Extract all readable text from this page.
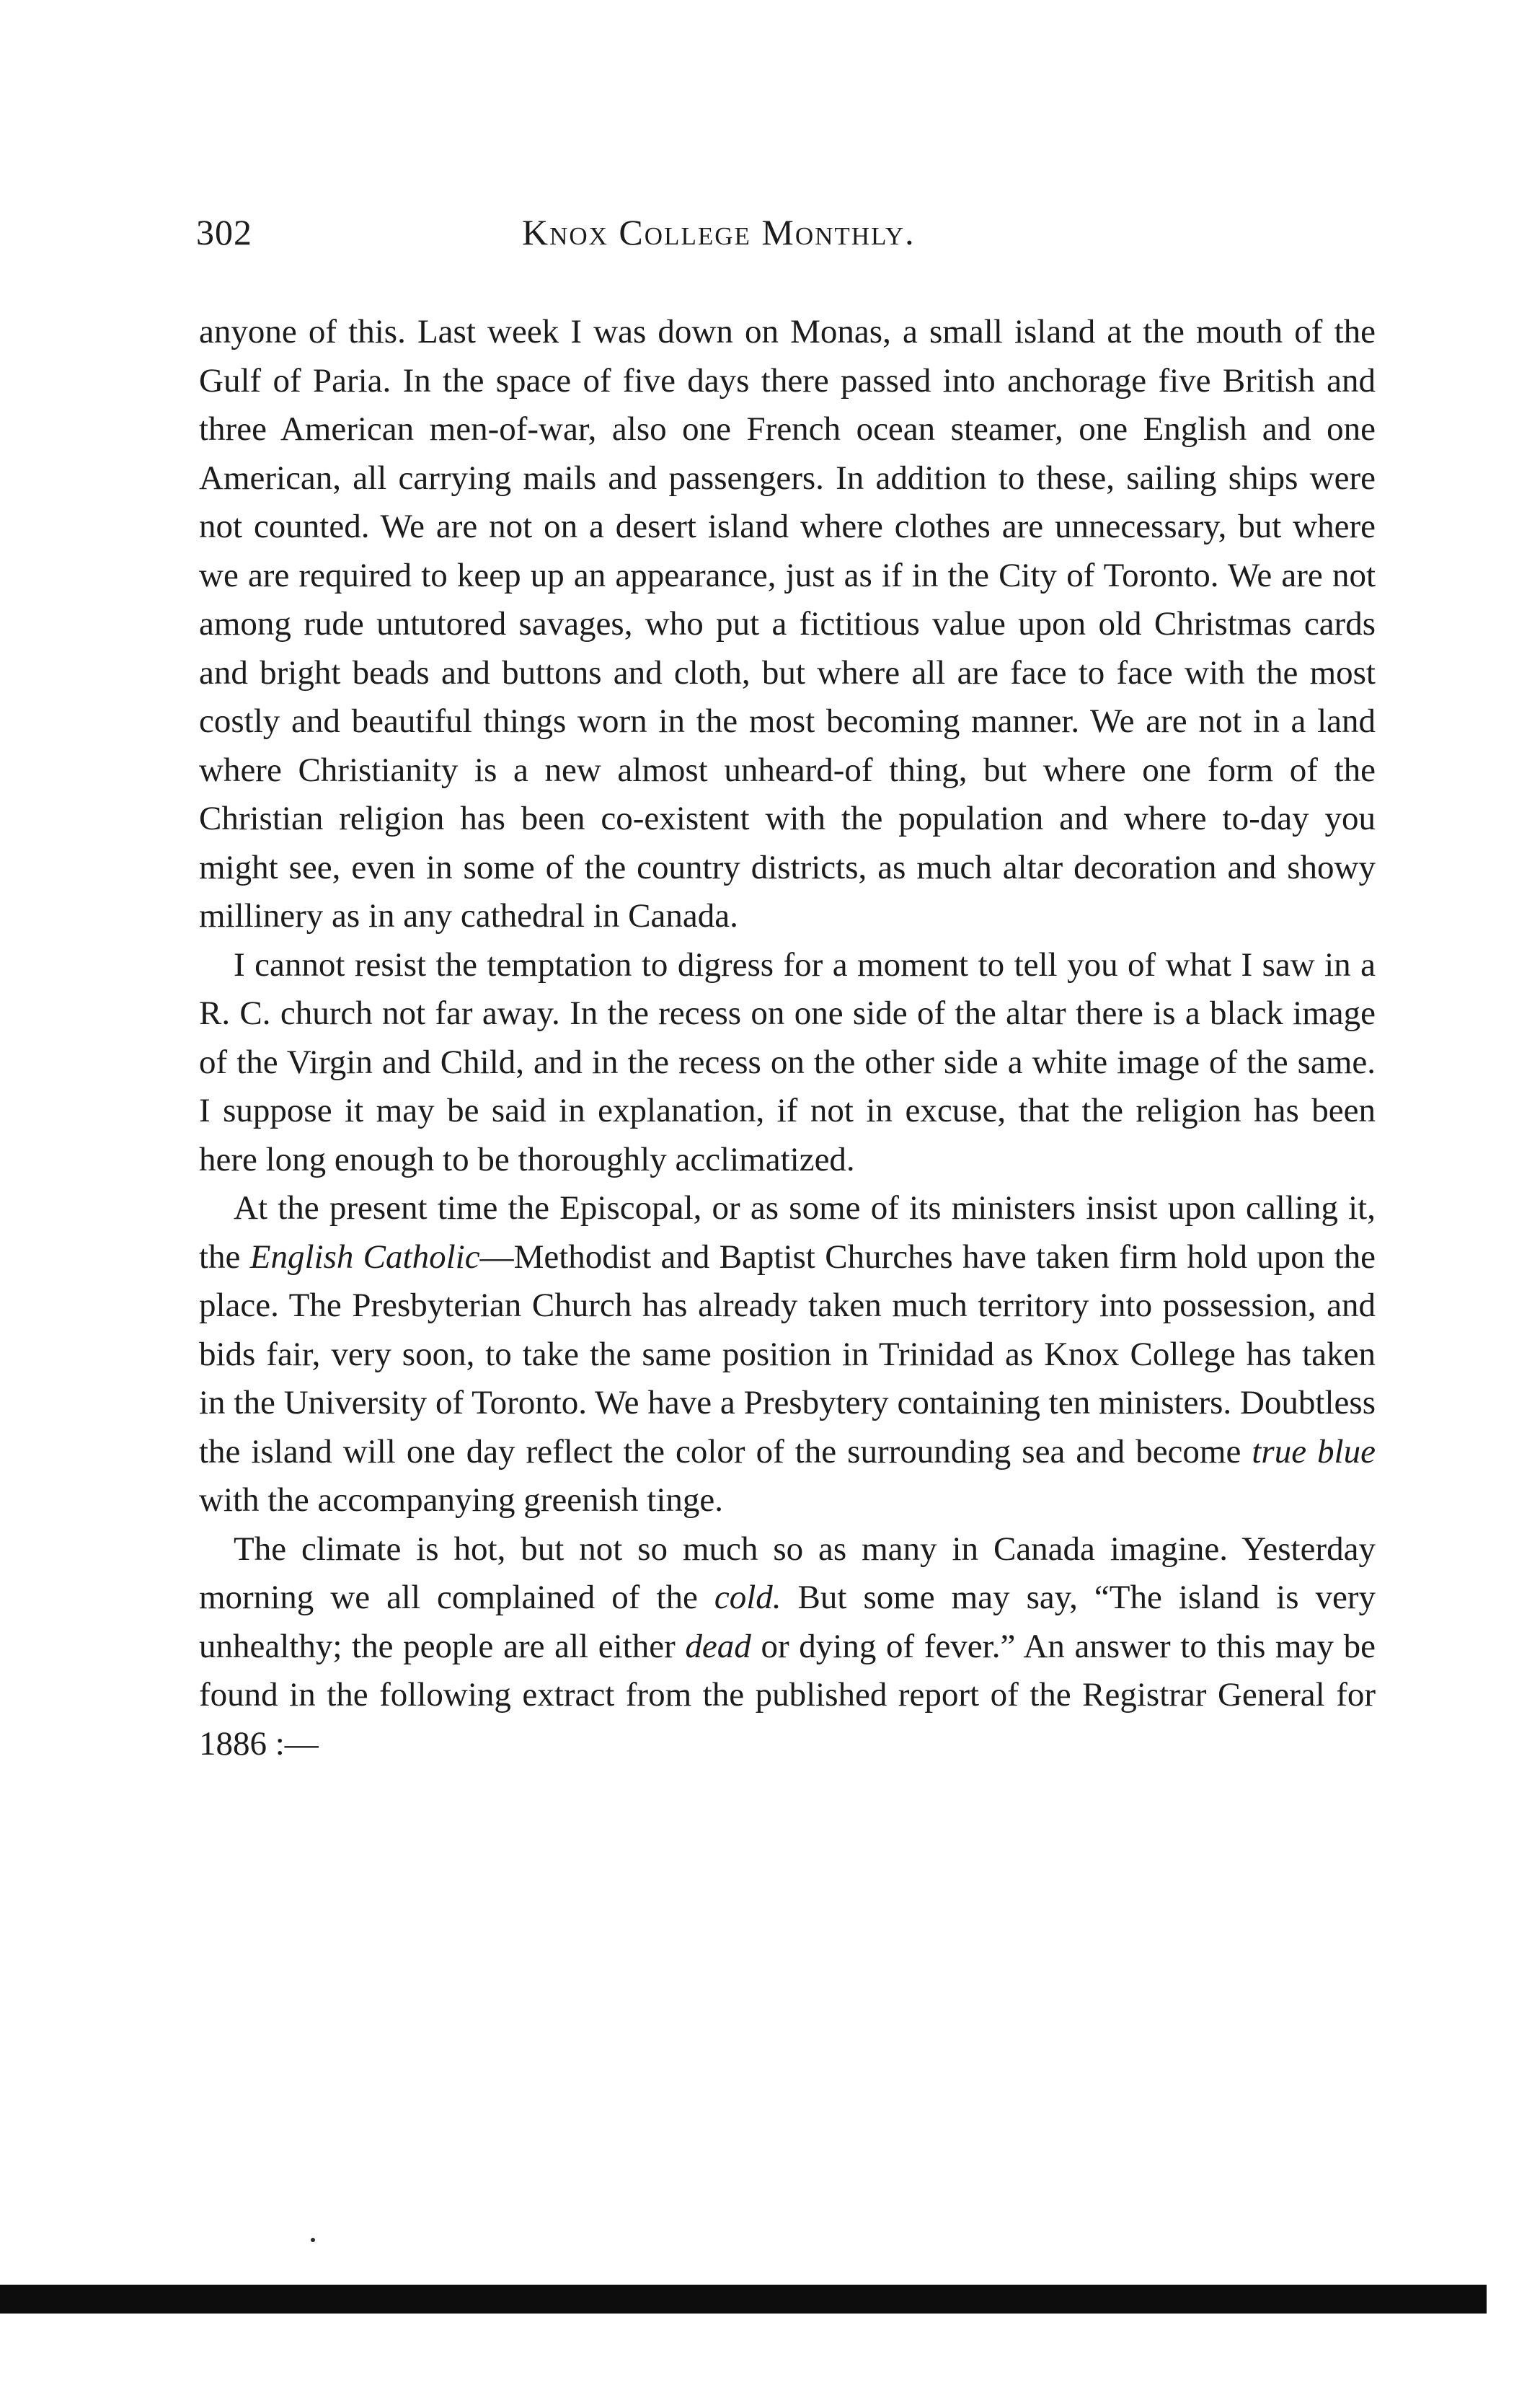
302	Knox College Monthly.

anyone of this. Last week I was down on Monas, a small island at the mouth of the Gulf of Paria. In the space of five days there passed into anchorage five British and three American men-of-war, also one French ocean steamer, one English and one American, all carrying mails and passengers. In addition to these, sailing ships were not counted. We are not on a desert island where clothes are unnecessary, but where we are required to keep up an appearance, just as if in the City of Toronto. We are not among rude untutored savages, who put a fictitious value upon old Christmas cards and bright beads and buttons and cloth, but where all are face to face with the most costly and beautiful things worn in the most becoming manner. We are not in a land where Christianity is a new almost unheard-of thing, but where one form of the Christian religion has been co-existent with the population and where to-day you might see, even in some of the country districts, as much altar decoration and showy millinery as in any cathedral in Canada.

I cannot resist the temptation to digress for a moment to tell you of what I saw in a R. C. church not far away. In the recess on one side of the altar there is a black image of the Virgin and Child, and in the recess on the other side a white image of the same. I suppose it may be said in explanation, if not in excuse, that the religion has been here long enough to be thoroughly acclimatized.

At the present time the Episcopal, or as some of its ministers insist upon calling it, the English Catholic—Methodist and Baptist Churches have taken firm hold upon the place. The Presbyterian Church has already taken much territory into possession, and bids fair, very soon, to take the same position in Trinidad as Knox College has taken in the University of Toronto. We have a Presbytery containing ten ministers. Doubtless the island will one day reflect the color of the surrounding sea and become true blue with the accompanying greenish tinge.

The climate is hot, but not so much so as many in Canada imagine. Yesterday morning we all complained of the cold. But some may say, “The island is very unhealthy; the people are all either dead or dying of fever.” An answer to this may be found in the following extract from the published report of the Registrar General for 1886 :—
